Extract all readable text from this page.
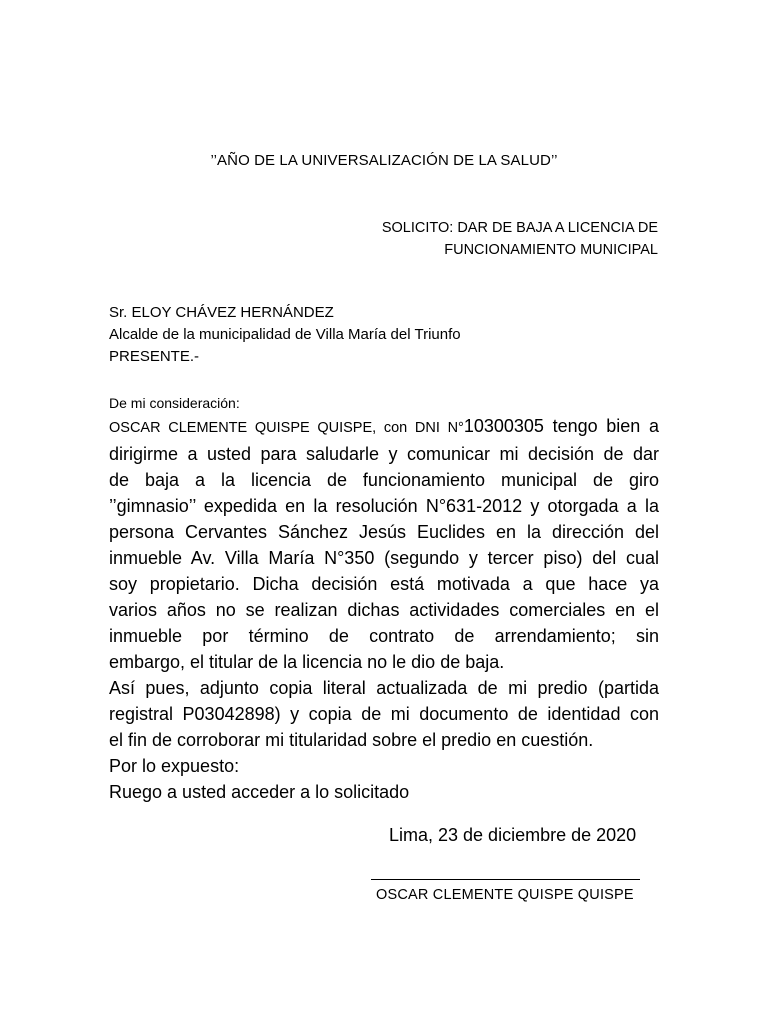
’’AÑO DE LA UNIVERSALIZACIÓN DE LA SALUD’’
SOLICITO: DAR DE BAJA A LICENCIA DE
FUNCIONAMIENTO MUNICIPAL
Sr. ELOY CHÁVEZ HERNÁNDEZ
Alcalde de la municipalidad de Villa María del Triunfo
PRESENTE.-
De mi consideración:
OSCAR CLEMENTE QUISPE QUISPE, con DNI N°10300305 tengo bien a
dirigirme a usted para saludarle y comunicar mi decisión de dar
de baja a la licencia de funcionamiento municipal de giro
’’gimnasio’’ expedida en la resolución N°631-2012 y otorgada a la
persona Cervantes Sánchez Jesús Euclides en la dirección del
inmueble Av. Villa María N°350 (segundo y tercer piso) del cual
soy propietario. Dicha decisión está motivada a que hace ya
varios años no se realizan dichas actividades comerciales en el
inmueble por término de contrato de arrendamiento; sin
embargo, el titular de la licencia no le dio de baja.
Así pues, adjunto copia literal actualizada de mi predio (partida
registral P03042898) y copia de mi documento de identidad con
el fin de corroborar mi titularidad sobre el predio en cuestión.
Por lo expuesto:
Ruego a usted acceder a lo solicitado
Lima, 23 de diciembre de 2020
OSCAR CLEMENTE QUISPE QUISPE
